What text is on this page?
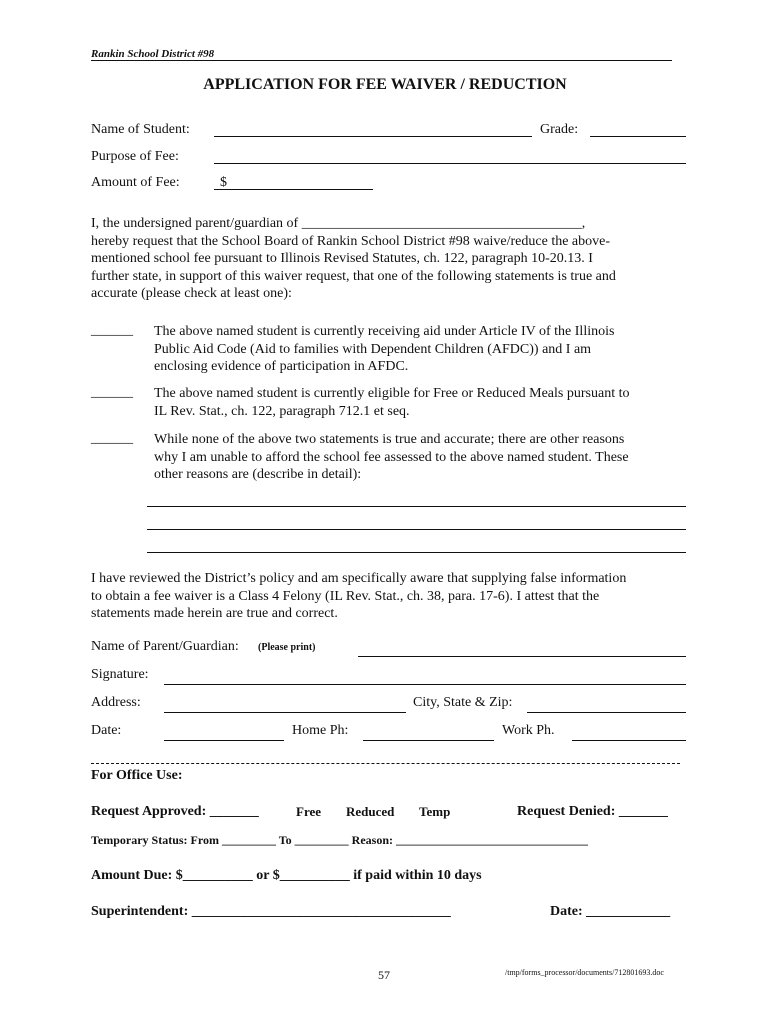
Rankin School District #98
APPLICATION FOR FEE WAIVER / REDUCTION
Name of Student:	Grade:
Purpose of Fee:
Amount of Fee:	$
I, the undersigned parent/guardian of ________________________________________,
hereby request that the School Board of Rankin School District #98 waive/reduce the above-
mentioned school fee pursuant to Illinois Revised Statutes, ch. 122, paragraph 10-20.13. I
further state, in support of this waiver request, that one of the following statements is true and
accurate (please check at least one):
______ The above named student is currently receiving aid under Article IV of the Illinois
Public Aid Code (Aid to families with Dependent Children (AFDC)) and I am
enclosing evidence of participation in AFDC.
______ The above named student is currently eligible for Free or Reduced Meals pursuant to
IL Rev. Stat., ch. 122, paragraph 712.1 et seq.
______ While none of the above two statements is true and accurate; there are other reasons
why I am unable to afford the school fee assessed to the above named student. These
other reasons are (describe in detail):
I have reviewed the District’s policy and am specifically aware that supplying false information
to obtain a fee waiver is a Class 4 Felony (IL Rev. Stat., ch. 38, para. 17-6). I attest that the
statements made herein are true and correct.
Name of Parent/Guardian: (Please print)
Signature:
Address:	City, State & Zip:
Date:	Home Ph:	Work Ph.
For Office Use:
Request Approved: _______	Free Reduced Temp	Request Denied: _______
Temporary Status: From _________ To _________ Reason: ________________________________
Amount Due: $__________ or $__________ if paid within 10 days
Superintendent: _____________________________________	Date: ____________
57	/tmp/forms_processor/documents/712801693.doc
